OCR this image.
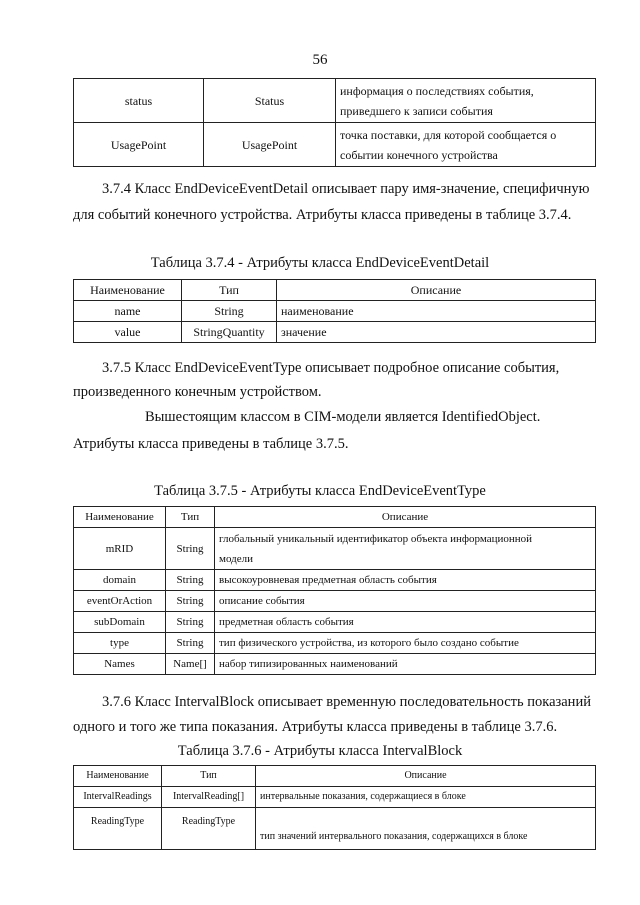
56
status	Status	информация о последствиях события,
приведшего к записи события

UsagePoint	UsagePoint	точка поставки, для которой сообщается о
событии конечного устройства
3.7.4 Класс EndDeviceEventDetail описывает пару имя-значение, специфичную
для событий конечного устройства. Атрибуты класса приведены в таблице 3.7.4.
Таблица 3.7.4 - Атрибуты класса EndDeviceEventDetail
Наименование	Тип	Описание
name	String	наименование
value	StringQuantity	значение
3.7.5 Класс EndDeviceEventType описывает подробное описание события,
произведенного конечным устройством.
Вышестоящим классом в CIM-модели является IdentifiedObject.
Атрибуты класса приведены в таблице 3.7.5.
Таблица 3.7.5 - Атрибуты класса EndDeviceEventType
Наименование	Тип	Описание
mRID	String	глобальный уникальный идентификатор объекта информационной
модели

domain	String	высокоуровневая предметная область события
eventOrAction	String	описание события
subDomain	String	предметная область события
type	String	тип физического устройства, из которого было создано событие
Names	Name[]	набор типизированных наименований
3.7.6 Класс IntervalBlock описывает временную последовательность показаний
одного и того же типа показания. Атрибуты класса приведены в таблице 3.7.6.
Таблица 3.7.6 - Атрибуты класса IntervalBlock
Наименование	Тип	Описание
IntervalReadings	IntervalReading[]	интервальные показания, содержащиеся в блоке
ReadingType	ReadingType	тип значений интервального показания, содержащихся в блоке
